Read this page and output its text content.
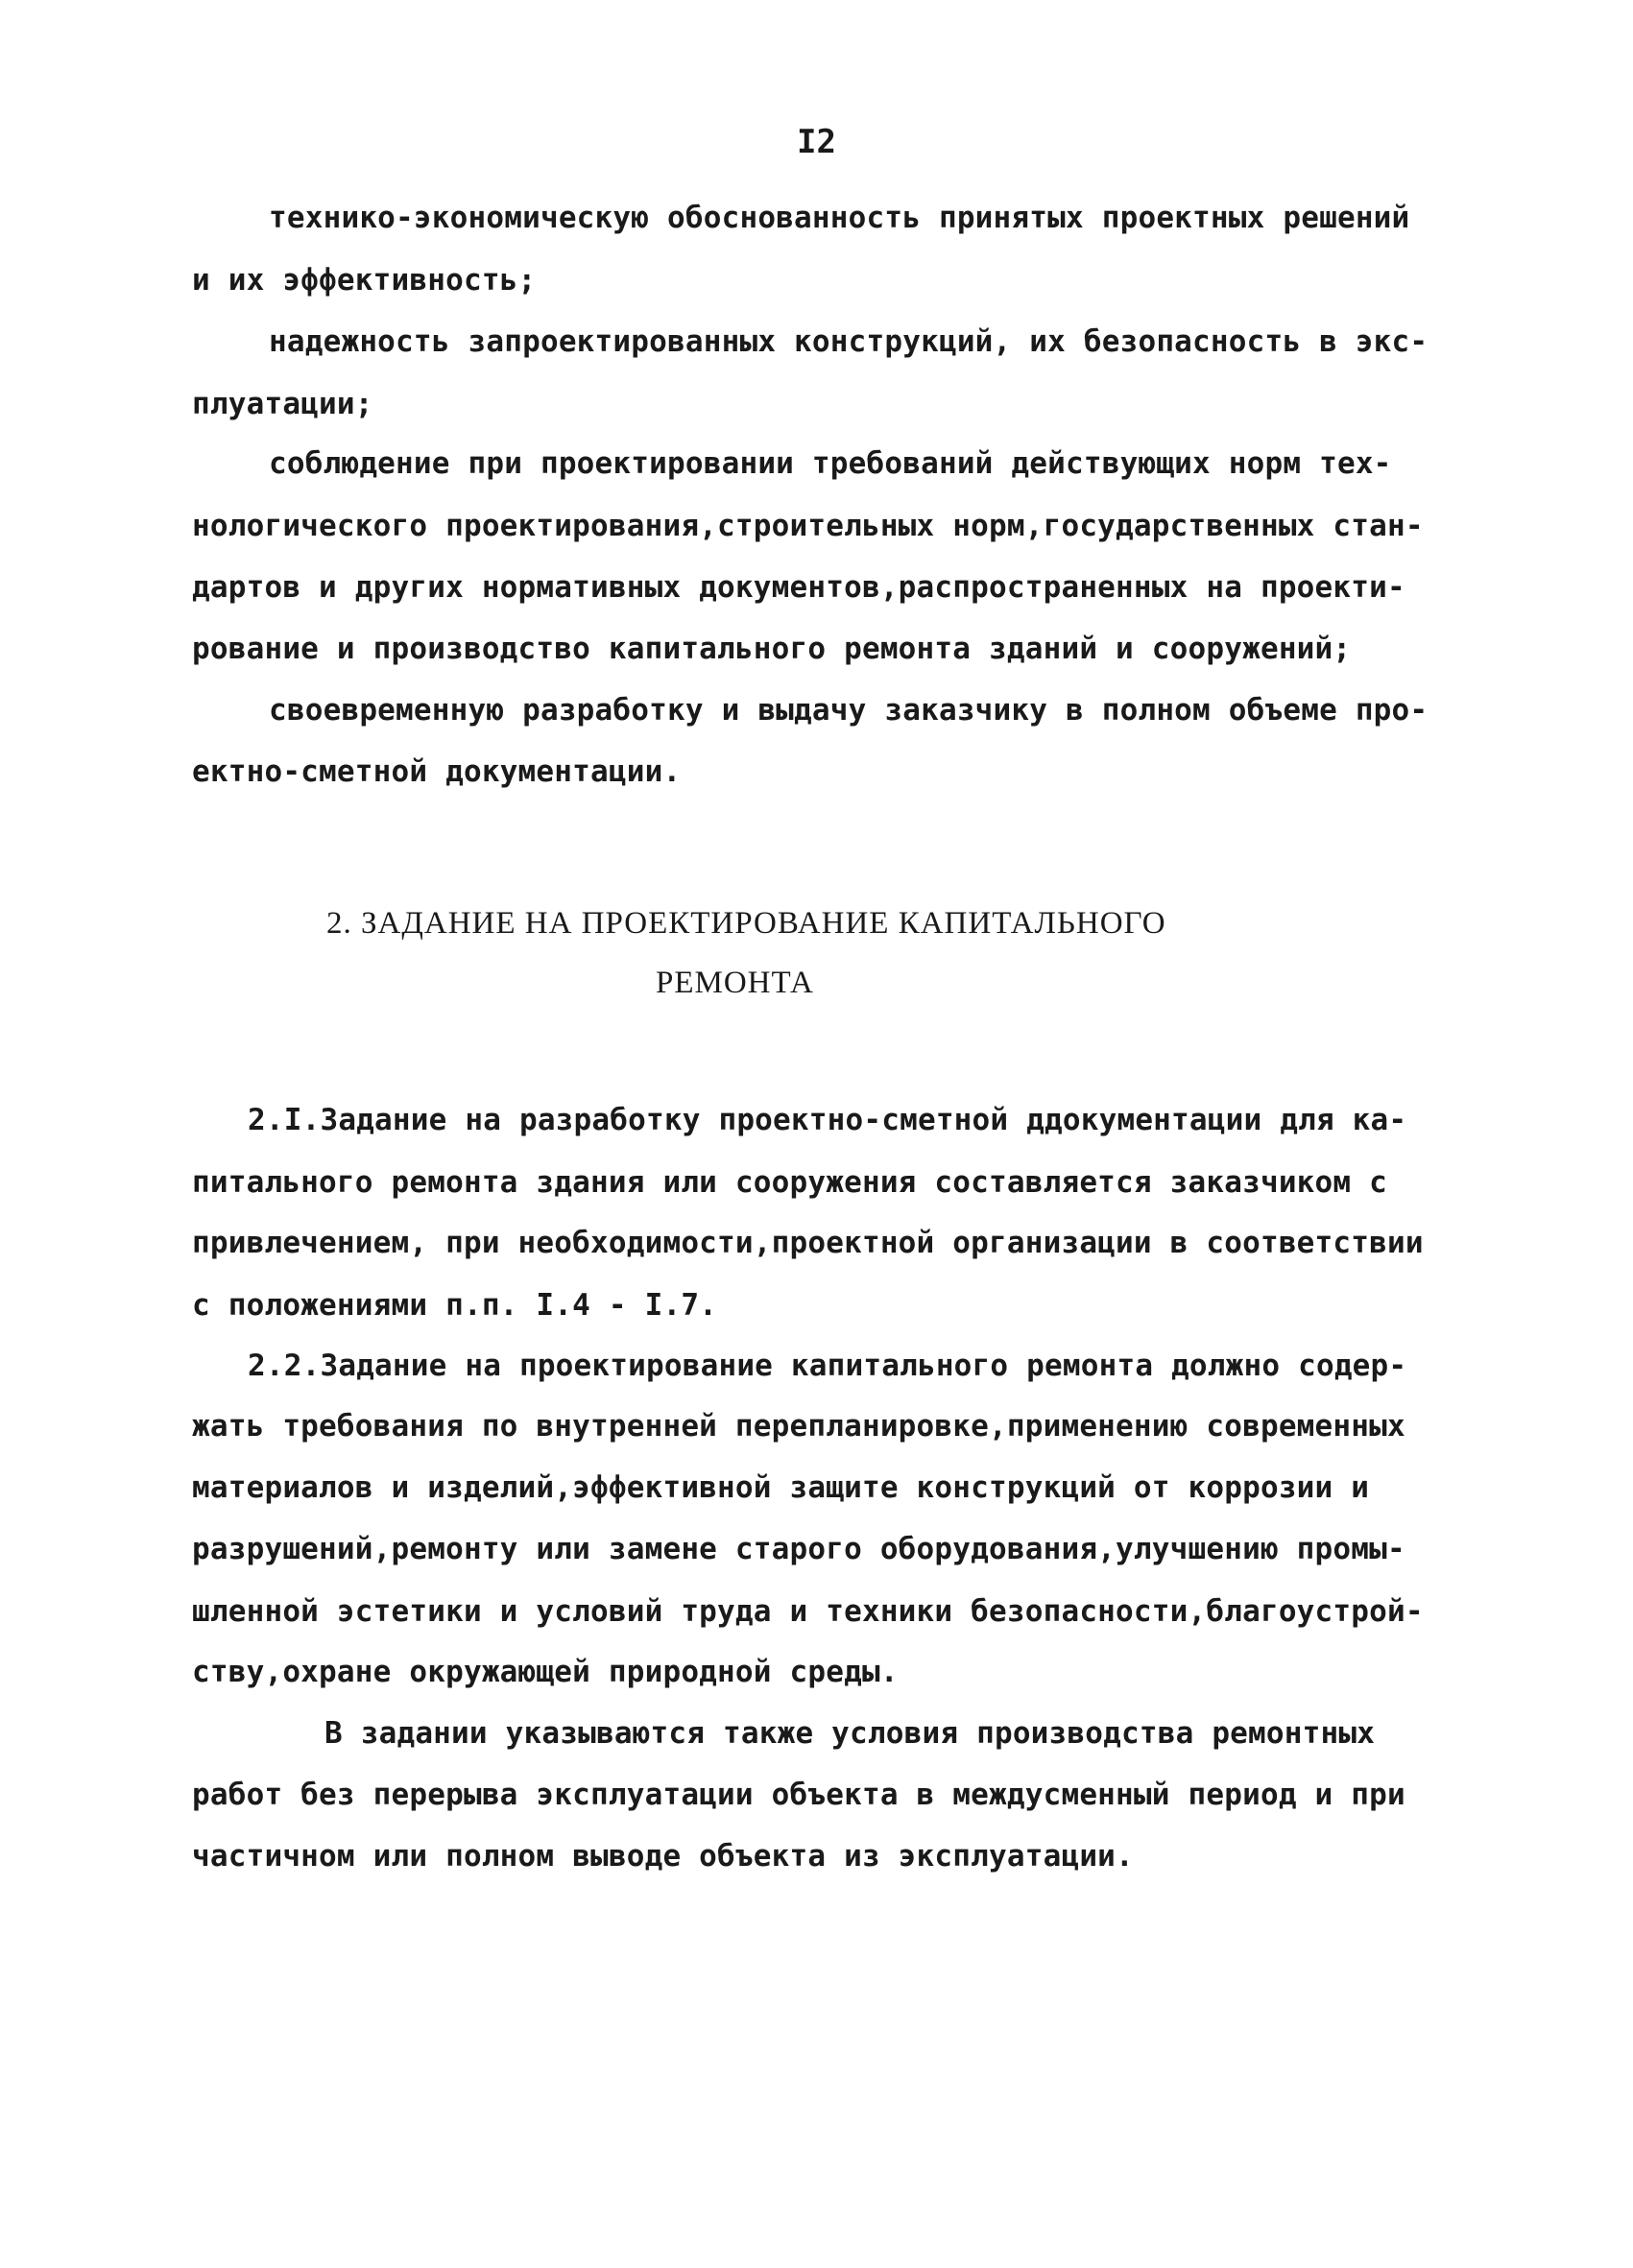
I2
технико-экономическую обоснованность принятых проектных решений
и их эффективность;
надежность запроектированных конструкций, их безопасность в экс-
плуатации;
соблюдение при проектировании требований действующих норм тех-
нологического проектирования,строительных норм,государственных стан-
дартов и других нормативных документов,распространенных на проекти-
рование и производство капитального ремонта зданий и сооружений;
своевременную разработку и выдачу заказчику в полном объеме про-
ектно-сметной документации.
2. ЗАДАНИЕ НА ПРОЕКТИРОВАНИЕ КАПИТАЛЬНОГО
РЕМОНТА
2.I.Задание на разработку проектно-сметной ддокументации для ка-
питального ремонта здания или сооружения составляется заказчиком с
привлечением, при необходимости,проектной организации в соответствии
с положениями п.п. I.4 - I.7.
2.2.Задание на проектирование капитального ремонта должно содер-
жать требования по внутренней перепланировке,применению современных
материалов и изделий,эффективной защите конструкций от коррозии и
разрушений,ремонту или замене старого оборудования,улучшению промы-
шленной эстетики и условий труда и техники безопасности,благоустрой-
ству,охране окружающей природной среды.
В задании указываются также условия производства ремонтных
работ без перерыва эксплуатации объекта в междусменный период и при
частичном или полном выводе объекта из эксплуатации.
